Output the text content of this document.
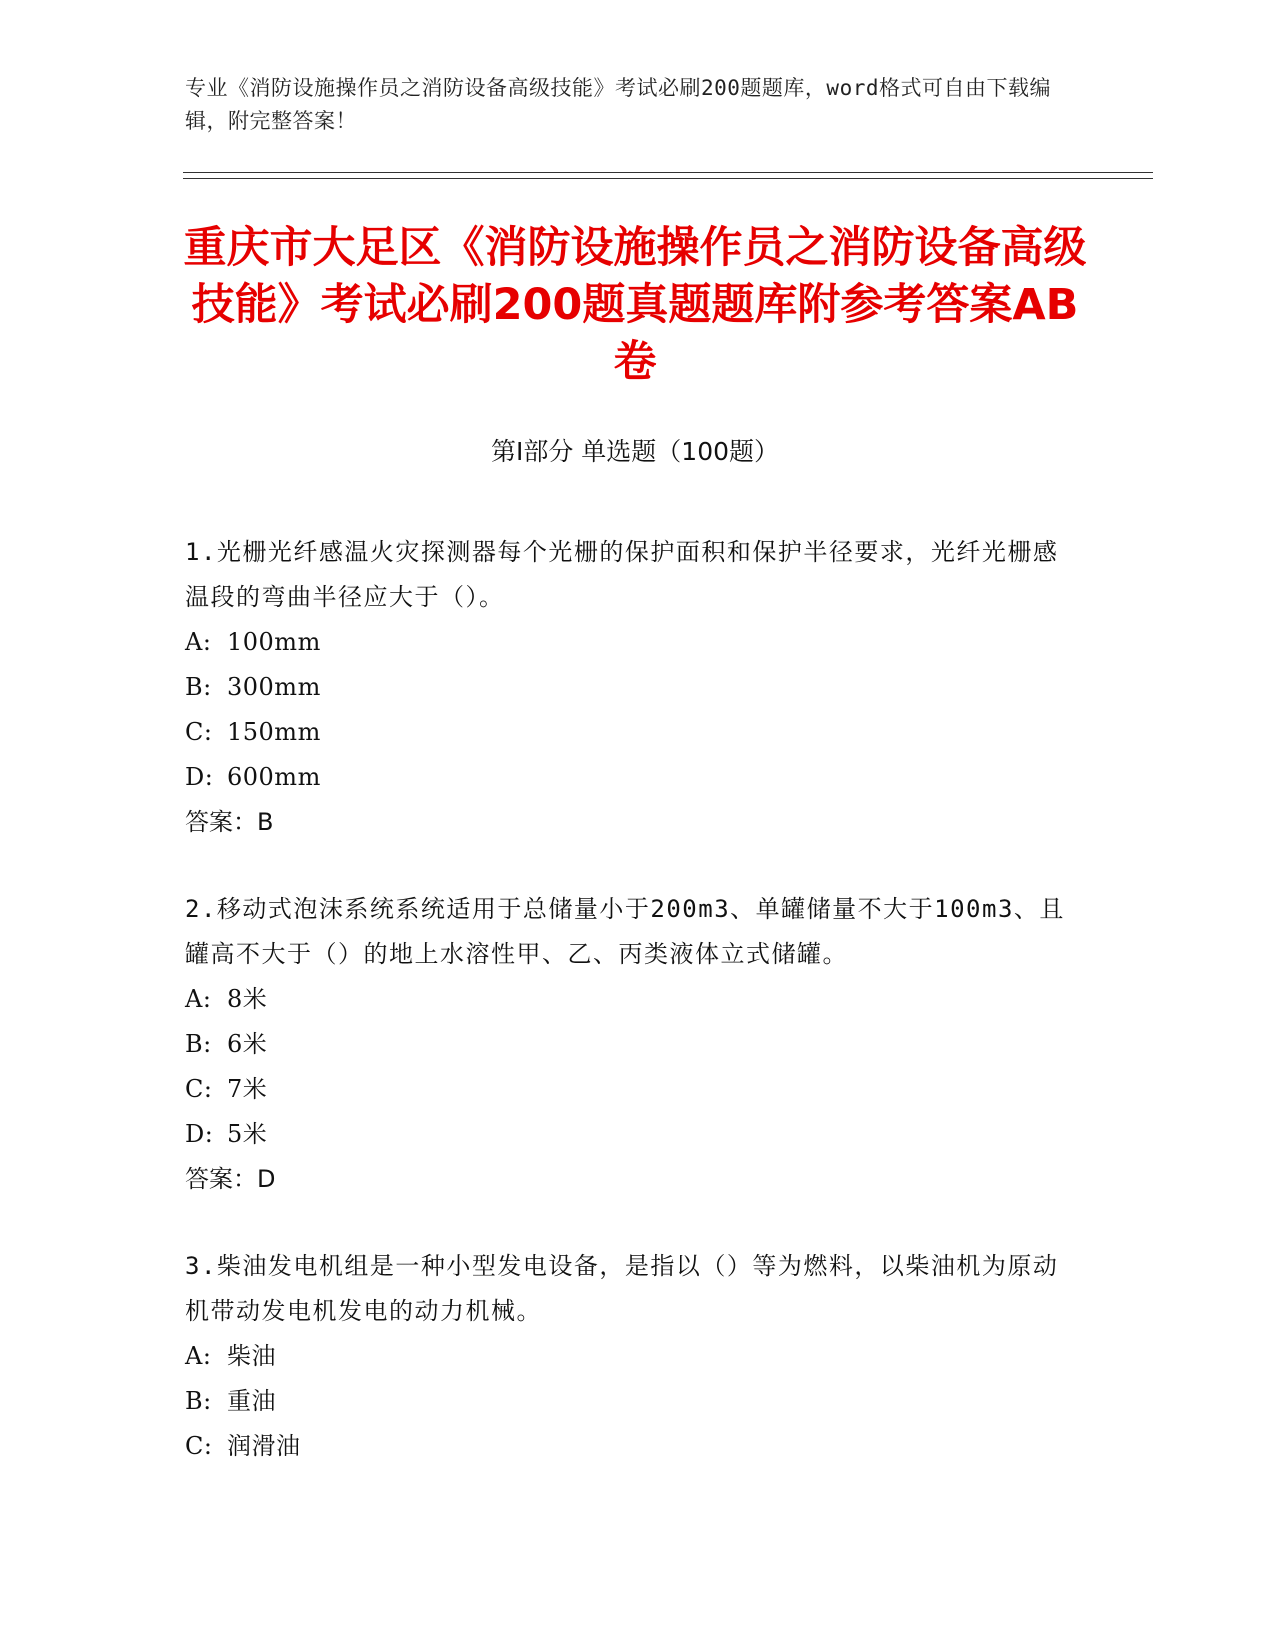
专业《消防设施操作员之消防设备高级技能》考试必刷200题题库，word格式可自由下载编辑，附完整答案！
重庆市大足区《消防设施操作员之消防设备高级技能》考试必刷200题真题题库附参考答案AB卷
第I部分 单选题（100题）
1.光栅光纤感温火灾探测器每个光栅的保护面积和保护半径要求，光纤光栅感温段的弯曲半径应大于（）。
A: 100mm
B: 300mm
C: 150mm
D: 600mm
答案：B
2.移动式泡沫系统系统适用于总储量小于200m3、单罐储量不大于100m3、且罐高不大于（）的地上水溶性甲、乙、丙类液体立式储罐。
A: 8米
B: 6米
C: 7米
D: 5米
答案：D
3.柴油发电机组是一种小型发电设备，是指以（）等为燃料，以柴油机为原动机带动发电机发电的动力机械。
A: 柴油
B: 重油
C: 润滑油
